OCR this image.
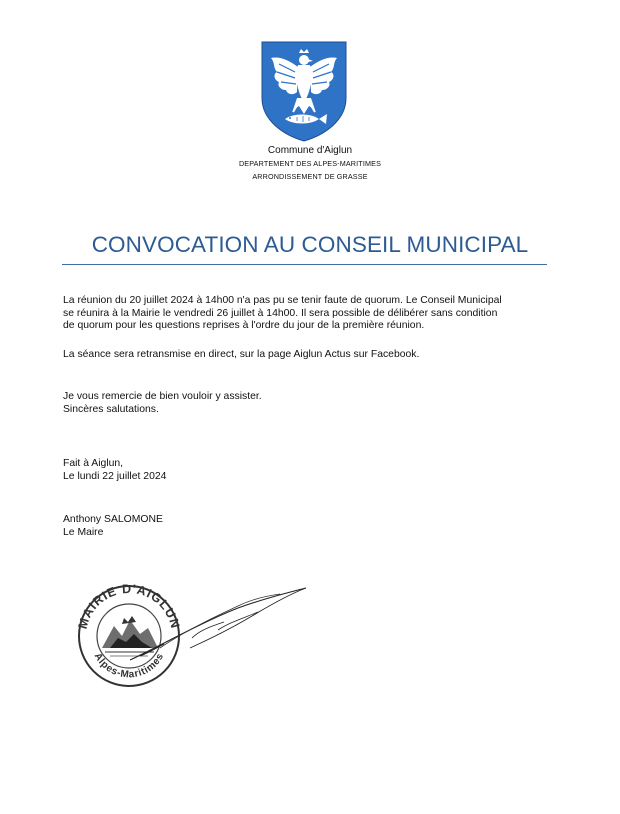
Commune d'Aiglun
DEPARTEMENT DES ALPES-MARITIMES
ARRONDISSEMENT DE GRASSE
CONVOCATION AU CONSEIL MUNICIPAL
La réunion du 20 juillet 2024 à 14h00 n'a pas pu se tenir faute de quorum. Le Conseil Municipal
se réunira à la Mairie le vendredi 26 juillet à 14h00. Il sera possible de délibérer sans condition
de quorum pour les questions reprises à l'ordre du jour de la première réunion.
La séance sera retransmise en direct, sur la page Aiglun Actus sur Facebook.
Je vous remercie de bien vouloir y assister.
Sincères salutations.
Fait à Aiglun,
Le lundi 22 juillet 2024
Anthony SALOMONE
Le Maire
MAIRIE D'AIGLUN
Alpes-Maritimes
